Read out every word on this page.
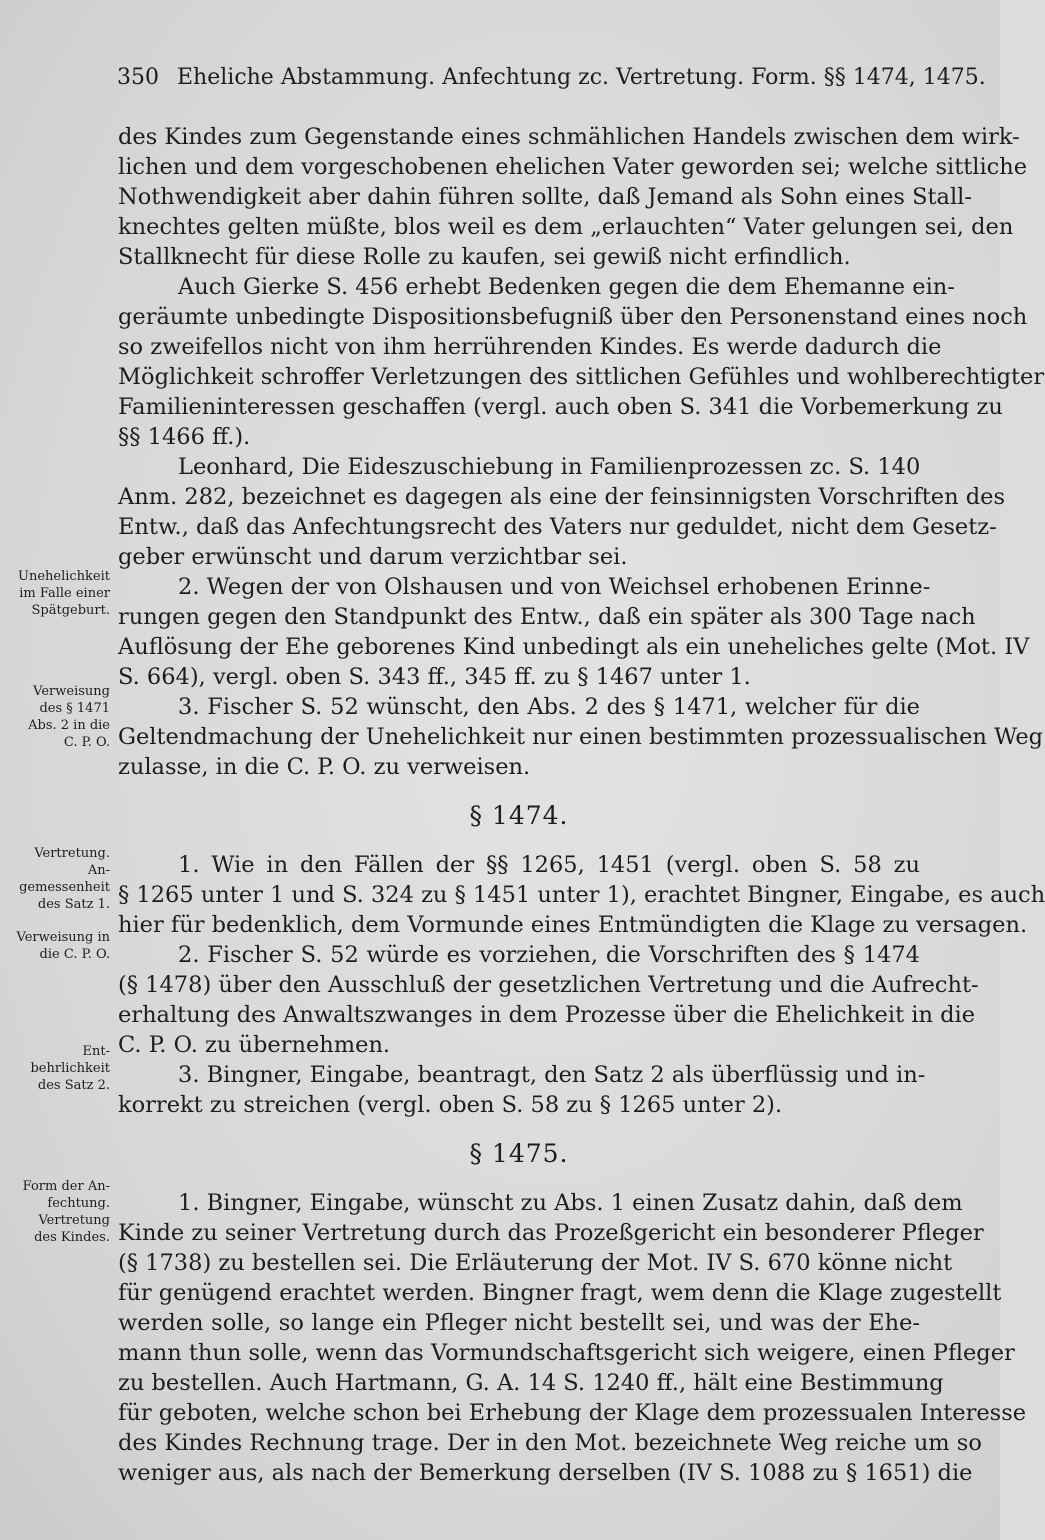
350 Eheliche Abstammung. Anfechtung zc. Vertretung. Form. §§ 1474, 1475.
des Kindes zum Gegenstande eines schmählichen Handels zwischen dem wirk-
lichen und dem vorgeschobenen ehelichen Vater geworden sei; welche sittliche
Nothwendigkeit aber dahin führen sollte, daß Jemand als Sohn eines Stall-
knechtes gelten müßte, blos weil es dem „erlauchten“ Vater gelungen sei, den
Stallknecht für diese Rolle zu kaufen, sei gewiß nicht erfindlich.
Auch Gierke S. 456 erhebt Bedenken gegen die dem Ehemanne ein-
geräumte unbedingte Dispositionsbefugniß über den Personenstand eines noch
so zweifellos nicht von ihm herrührenden Kindes. Es werde dadurch die
Möglichkeit schroffer Verletzungen des sittlichen Gefühles und wohlberechtigter
Familieninteressen geschaffen (vergl. auch oben S. 341 die Vorbemerkung zu
§§ 1466 ff.).
Leonhard, Die Eideszuschiebung in Familienprozessen zc. S. 140
Anm. 282, bezeichnet es dagegen als eine der feinsinnigsten Vorschriften des
Entw., daß das Anfechtungsrecht des Vaters nur geduldet, nicht dem Gesetz-
geber erwünscht und darum verzichtbar sei.
2. Wegen der von Olshausen und von Weichsel erhobenen Erinne-
rungen gegen den Standpunkt des Entw., daß ein später als 300 Tage nach
Auflösung der Ehe geborenes Kind unbedingt als ein uneheliches gelte (Mot. IV
S. 664), vergl. oben S. 343 ff., 345 ff. zu § 1467 unter 1.
3. Fischer S. 52 wünscht, den Abs. 2 des § 1471, welcher für die
Geltendmachung der Unehelichkeit nur einen bestimmten prozessualischen Weg
zulasse, in die C. P. O. zu verweisen.
§ 1474.
1. Wie in den Fällen der §§ 1265, 1451 (vergl. oben S. 58 zu
§ 1265 unter 1 und S. 324 zu § 1451 unter 1), erachtet Bingner, Eingabe, es auch
hier für bedenklich, dem Vormunde eines Entmündigten die Klage zu versagen.
2. Fischer S. 52 würde es vorziehen, die Vorschriften des § 1474
(§ 1478) über den Ausschluß der gesetzlichen Vertretung und die Aufrecht-
erhaltung des Anwaltszwanges in dem Prozesse über die Ehelichkeit in die
C. P. O. zu übernehmen.
3. Bingner, Eingabe, beantragt, den Satz 2 als überflüssig und in-
korrekt zu streichen (vergl. oben S. 58 zu § 1265 unter 2).
§ 1475.
1. Bingner, Eingabe, wünscht zu Abs. 1 einen Zusatz dahin, daß dem
Kinde zu seiner Vertretung durch das Prozeßgericht ein besonderer Pfleger
(§ 1738) zu bestellen sei. Die Erläuterung der Mot. IV S. 670 könne nicht
für genügend erachtet werden. Bingner fragt, wem denn die Klage zugestellt
werden solle, so lange ein Pfleger nicht bestellt sei, und was der Ehe-
mann thun solle, wenn das Vormundschaftsgericht sich weigere, einen Pfleger
zu bestellen. Auch Hartmann, G. A. 14 S. 1240 ff., hält eine Bestimmung
für geboten, welche schon bei Erhebung der Klage dem prozessualen Interesse
des Kindes Rechnung trage. Der in den Mot. bezeichnete Weg reiche um so
weniger aus, als nach der Bemerkung derselben (IV S. 1088 zu § 1651) die
Unehelichkeit
im Falle einer
Spätgeburt.
Verweisung
des § 1471
Abs. 2 in die
C. P. O.
Vertretung.
An-
gemessenheit
des Satz 1.
Verweisung in
die C. P. O.
Ent-
behrlichkeit
des Satz 2.
Form der An-
fechtung.
Vertretung
des Kindes.
